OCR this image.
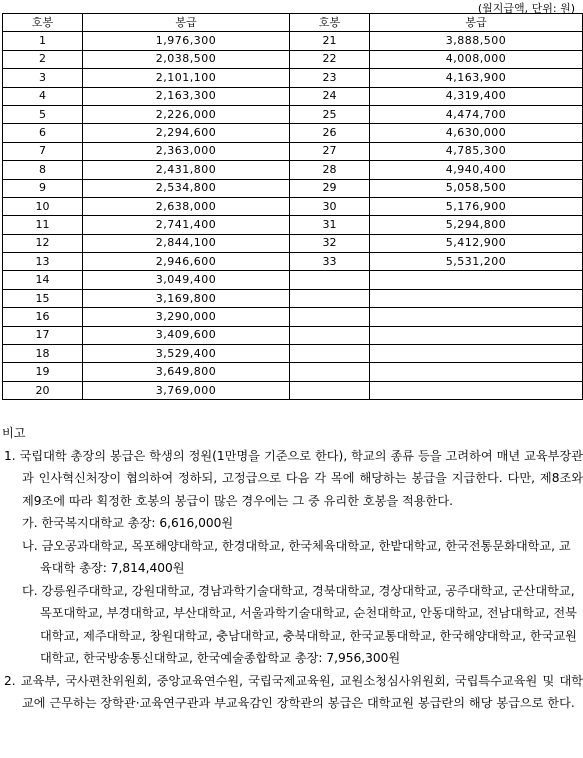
(월지급액, 단위: 원)
호봉	봉급	호봉	봉급
1	1,976,300	21	3,888,500
2	2,038,500	22	4,008,000
3	2,101,100	23	4,163,900
4	2,163,300	24	4,319,400
5	2,226,000	25	4,474,700
6	2,294,600	26	4,630,000
7	2,363,000	27	4,785,300
8	2,431,800	28	4,940,400
9	2,534,800	29	5,058,500
10	2,638,000	30	5,176,900
11	2,741,400	31	5,294,800
12	2,844,100	32	5,412,900
13	2,946,600	33	5,531,200
14	3,049,400		
15	3,169,800		
16	3,290,000		
17	3,409,600		
18	3,529,400		
19	3,649,800		
20	3,769,000		

비고

1. 국립대학 총장의 봉급은 학생의 정원(1만명을 기준으로 한다), 학교의 종류 등을 고려하여 매년 교육부장관과 인사혁신처장이 협의하여 정하되, 고정급으로 다음 각 목에 해당하는 봉급을 지급한다. 다만, 제8조와 제9조에 따라 획정한 호봉의 봉급이 많은 경우에는 그 중 유리한 호봉을 적용한다.

가. 한국복지대학교 총장: 6,616,000원

나. 금오공과대학교, 목포해양대학교, 한경대학교, 한국체육대학교, 한밭대학교, 한국전통문화대학교, 교육대학 총장: 7,814,400원

다. 강릉원주대학교, 강원대학교, 경남과학기술대학교, 경북대학교, 경상대학교, 공주대학교, 군산대학교, 목포대학교, 부경대학교, 부산대학교, 서울과학기술대학교, 순천대학교, 안동대학교, 전남대학교, 전북대학교, 제주대학교, 창원대학교, 충남대학교, 충북대학교, 한국교통대학교, 한국해양대학교, 한국교원대학교, 한국방송통신대학교, 한국예술종합학교 총장: 7,956,300원

2. 교육부, 국사편찬위원회, 중앙교육연수원, 국립국제교육원, 교원소청심사위원회, 국립특수교육원 및 대학교에 근무하는 장학관·교육연구관과 부교육감인 장학관의 봉급은 대학교원 봉급란의 해당 봉급으로 한다.
